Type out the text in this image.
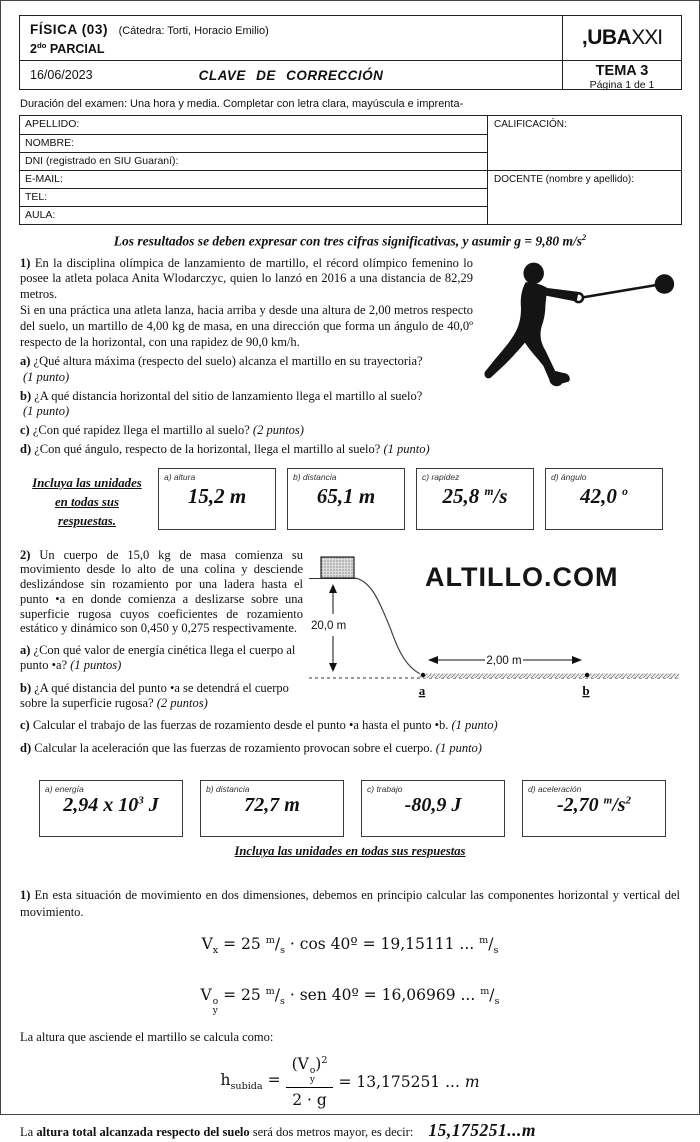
FÍSICA (03) (Cátedra: Torti, Horacio Emilio)
$2^{do}$ PARCIAL
,UBA XXI
16/06/2023	CLAVE DE CORRECCIÓN	TEMA 3
Página 1 de 1
Duración del examen: Una hora y media. Completar con letra clara, mayúscula e imprenta-
APELLIDO:	CALIFICACIÓN:
NOMBRE:
DNI (registrado en SIU Guaraní):
E-MAIL:	DOCENTE (nombre y apellido):
TEL:
AULA:
Los resultados se deben expresar con tres cifras significativas, y asumir g = 9,80 $m/s^2$

1) En la disciplina olímpica de lanzamiento de martillo, el récord olímpico femenino lo posee la atleta polaca Anita Wlodarczyc, quien lo lanzó en 2016 a una distancia de 82,29 metros.

Si en una práctica una atleta lanza, hacia arriba y desde una altura de 2,00 metros respecto del suelo, un martillo de 4,00 kg de masa, en una dirección que forma un ángulo de 40,0º respecto de la horizontal, con una rapidez de 90,0 km/h.

a) ¿Qué altura máxima (respecto del suelo) alcanza el martillo en su trayectoria?

(1 punto)

b) ¿A qué distancia horizontal del sitio de lanzamiento llega el martillo al suelo?

(1 punto)

c) ¿Con qué rapidez llega el martillo al suelo? (2 puntos)

d) ¿Con qué ángulo, respecto de la horizontal, llega el martillo al suelo? (1 punto)

Incluya las unidades en todas sus respuestas.
a) altura
15,2 m
b) distancia
65,1 m
c) rapidez
25,8 $^m$/s
d) ángulo
42,0 $^o$

2) Un cuerpo de 15,0 kg de masa comienza su movimiento desde lo alto de una colina y desciende deslizándose sin rozamiento por una ladera hasta el punto •a en donde comienza a deslizarse sobre una superficie rugosa cuyos coeficientes de rozamiento estático y dinámico son 0,450 y 0,275 respectivamente.

a) ¿Con qué valor de energía cinética llega el cuerpo al punto •a? (1 puntos)

b) ¿A qué distancia del punto •a se detendrá el cuerpo sobre la superficie rugosa? (2 puntos)

20,0 m
ALTILLO.COM
2,00 m
a	b

c) Calcular el trabajo de las fuerzas de rozamiento desde el punto •a hasta el punto •b. (1 punto)

d) Calcular la aceleración que las fuerzas de rozamiento provocan sobre el cuerpo. (1 punto)

a) energía
2,94 x $10^3$ J
b) distancia
72,7 m
c) trabajo
-80,9 J
d) aceleración
-2,70 $^m/s^2$
Incluya las unidades en todas sus respuestas

1) En esta situación de movimiento en dos dimensiones, debemos en principio calcular las componentes horizontal y vertical del movimiento.

$V_x = 25$ $^m/_s \cdot \cos$ 40º = 19,15111 ... $^m/_s$
V o
y
= 25 $^m/_s$ · sen 40º = 16,06969 ... $^m/_s$

La altura que asciende el martillo se calcula como:

$h_{subida} = (V$ o
y
)$^2$
2 · g = 13,175251 ... m

La altura total alcanzada respecto del suelo será dos metros mayor, es decir: 15,175251...m
